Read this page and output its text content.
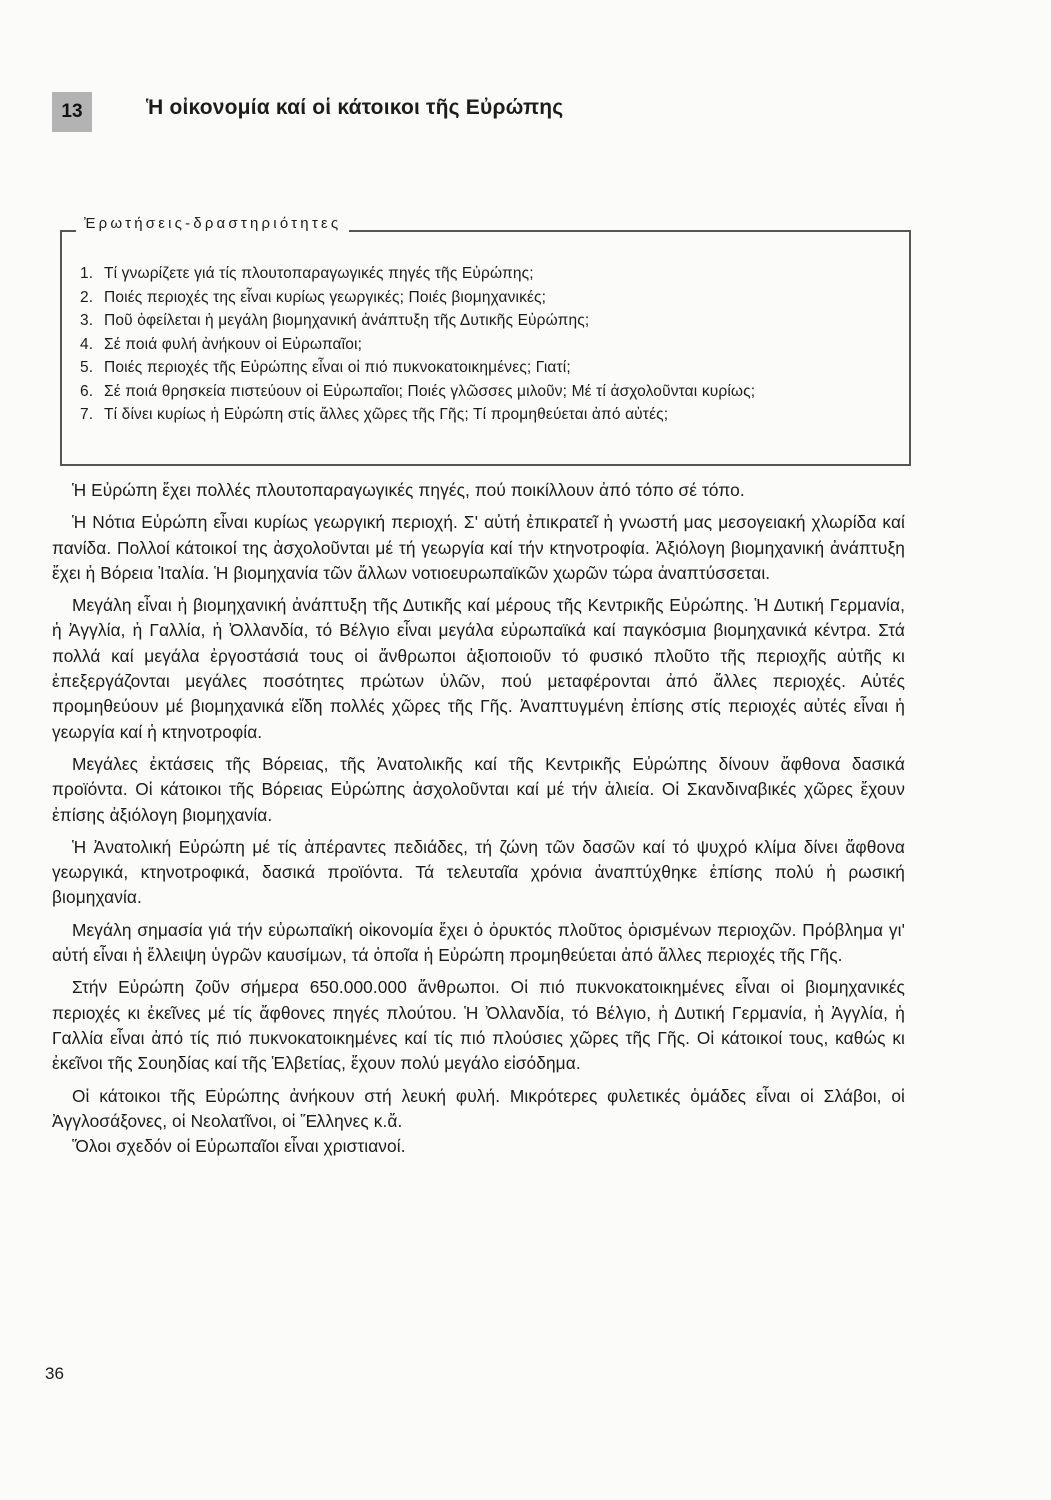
13	Ἡ οἰκονομία καί οἱ κάτοικοι τῆς Εὐρώπης
Ἐρωτήσεις-δραστηριότητες
1. Τί γνωρίζετε γιά τίς πλουτοπαραγωγικές πηγές τῆς Εὐρώπης;
2. Ποιές περιοχές της εἶναι κυρίως γεωργικές; Ποιές βιομηχανικές;
3. Ποῦ ὀφείλεται ἡ μεγάλη βιομηχανική ἀνάπτυξη τῆς Δυτικῆς Εὐρώπης;
4. Σέ ποιά φυλή ἀνήκουν οἱ Εὐρωπαῖοι;
5. Ποιές περιοχές τῆς Εὐρώπης εἶναι οἱ πιό πυκνοκατοικημένες; Γιατί;
6. Σέ ποιά θρησκεία πιστεύουν οἱ Εὐρωπαῖοι; Ποιές γλῶσσες μιλοῦν; Μέ τί ἀσχολοῦνται κυρίως;
7. Τί δίνει κυρίως ἡ Εὐρώπη στίς ἄλλες χῶρες τῆς Γῆς; Τί προμηθεύεται ἀπό αὐτές;

Ἡ Εὐρώπη ἔχει πολλές πλουτοπαραγωγικές πηγές, πού ποικίλλουν ἀπό τόπο σέ τόπο.

Ἡ Νότια Εὐρώπη εἶναι κυρίως γεωργική περιοχή. Σ' αὐτή ἐπικρατεῖ ἡ γνωστή μας μεσογειακή χλωρίδα καί πανίδα. Πολλοί κάτοικοί της ἀσχολοῦνται μέ τή γεωργία καί τήν κτηνοτροφία. Ἀξιόλογη βιομηχανική ἀνάπτυξη ἔχει ἡ Βόρεια Ἰταλία. Ἡ βιομηχανία τῶν ἄλλων νοτιοευρωπαϊκῶν χωρῶν τώρα ἀναπτύσσεται.

Μεγάλη εἶναι ἡ βιομηχανική ἀνάπτυξη τῆς Δυτικῆς καί μέρους τῆς Κεντρικῆς Εὐρώπης. Ἡ Δυτική Γερμανία, ἡ Ἀγγλία, ἡ Γαλλία, ἡ Ὀλλανδία, τό Βέλγιο εἶναι μεγάλα εὐρωπαϊκά καί παγκόσμια βιομηχανικά κέντρα. Στά πολλά καί μεγάλα ἐργοστάσιά τους οἱ ἄνθρωποι ἀξιοποιοῦν τό φυσικό πλοῦτο τῆς περιοχῆς αὐτῆς κι ἐπεξεργάζονται μεγάλες ποσότητες πρώτων ὑλῶν, πού μεταφέρονται ἀπό ἄλλες περιοχές. Αὐτές προμηθεύουν μέ βιομηχανικά εἴδη πολλές χῶρες τῆς Γῆς. Ἀναπτυγμένη ἐπίσης στίς περιοχές αὐτές εἶναι ἡ γεωργία καί ἡ κτηνοτροφία.

Μεγάλες ἐκτάσεις τῆς Βόρειας, τῆς Ἀνατολικῆς καί τῆς Κεντρικῆς Εὐρώπης δίνουν ἄφθονα δασικά προϊόντα. Οἱ κάτοικοι τῆς Βόρειας Εὐρώπης ἀσχολοῦνται καί μέ τήν ἁλιεία. Οἱ Σκανδιναβικές χῶρες ἔχουν ἐπίσης ἀξιόλογη βιομηχανία.

Ἡ Ἀνατολική Εὐρώπη μέ τίς ἀπέραντες πεδιάδες, τή ζώνη τῶν δασῶν καί τό ψυχρό κλίμα δίνει ἄφθονα γεωργικά, κτηνοτροφικά, δασικά προϊόντα. Τά τελευταῖα χρόνια ἀναπτύχθηκε ἐπίσης πολύ ἡ ρωσική βιομηχανία.

Μεγάλη σημασία γιά τήν εὐρωπαϊκή οἰκονομία ἔχει ὁ ὀρυκτός πλοῦτος ὁρισμένων περιοχῶν. Πρόβλημα γι' αὐτή εἶναι ἡ ἔλλειψη ὑγρῶν καυσίμων, τά ὁποῖα ἡ Εὐρώπη προμηθεύεται ἀπό ἄλλες περιοχές τῆς Γῆς.

Στήν Εὐρώπη ζοῦν σήμερα 650.000.000 ἄνθρωποι. Οἱ πιό πυκνοκατοικημένες εἶναι οἱ βιομηχανικές περιοχές κι ἐκεῖνες μέ τίς ἄφθονες πηγές πλούτου. Ἡ Ὀλλανδία, τό Βέλγιο, ἡ Δυτική Γερμανία, ἡ Ἀγγλία, ἡ Γαλλία εἶναι ἀπό τίς πιό πυκνοκατοικημένες καί τίς πιό πλούσιες χῶρες τῆς Γῆς. Οἱ κάτοικοί τους, καθώς κι ἐκεῖνοι τῆς Σουηδίας καί τῆς Ἑλβετίας, ἔχουν πολύ μεγάλο εἰσόδημα.

Οἱ κάτοικοι τῆς Εὐρώπης ἀνήκουν στή λευκή φυλή. Μικρότερες φυλετικές ὁμάδες εἶναι οἱ Σλάβοι, οἱ Ἀγγλοσάξονες, οἱ Νεολατῖνοι, οἱ Ἕλληνες κ.ἄ.

Ὅλοι σχεδόν οἱ Εὐρωπαῖοι εἶναι χριστιανοί.

36
